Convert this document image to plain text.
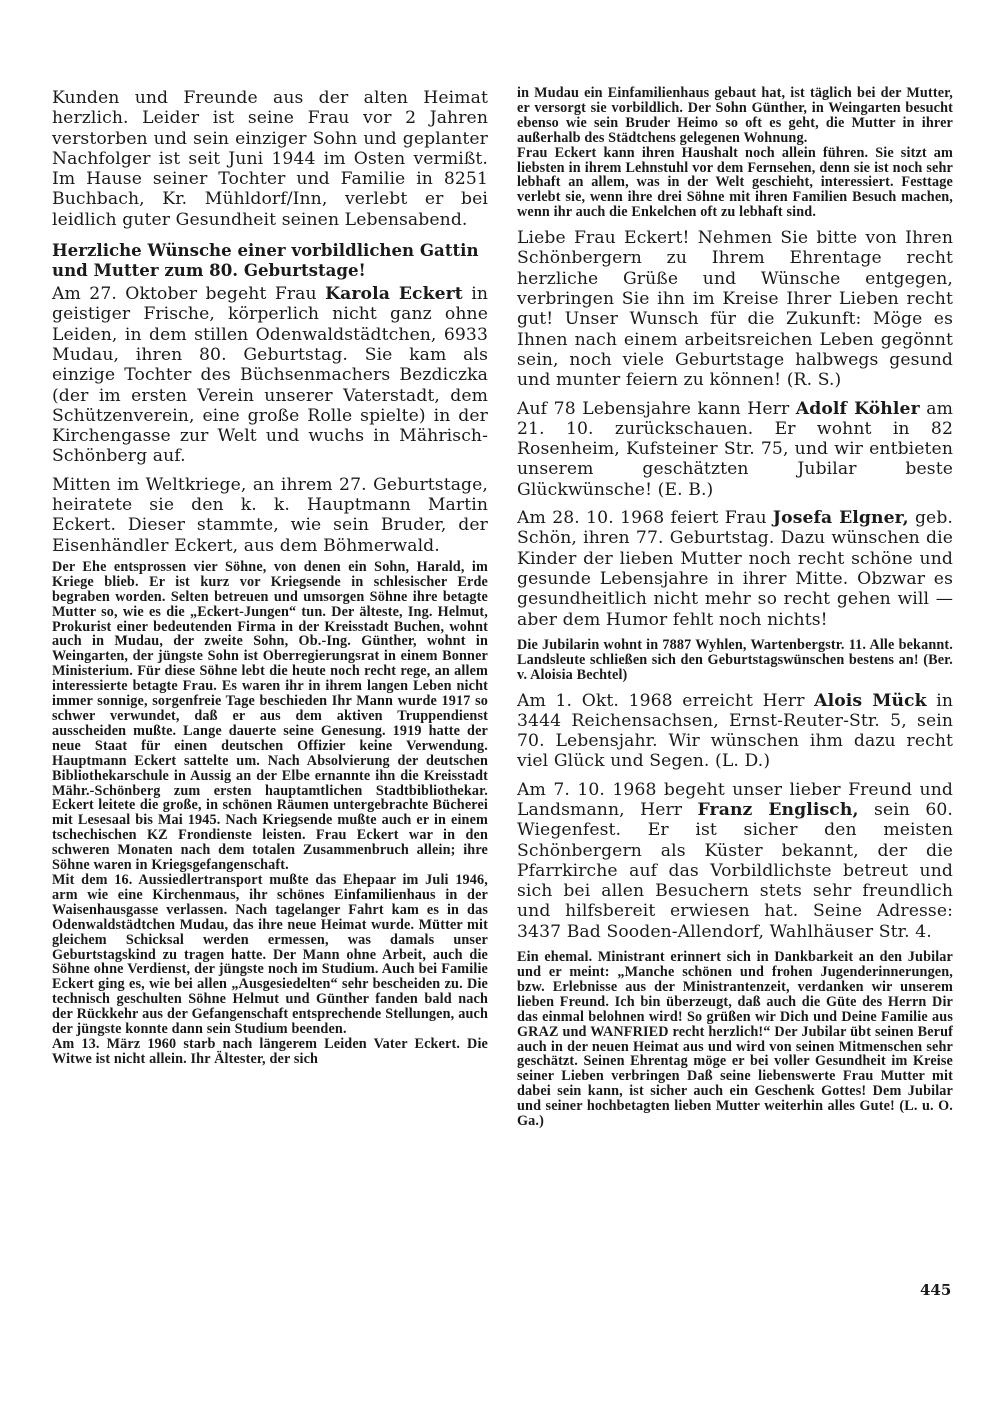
Kunden und Freunde aus der alten Heimat herzlich. Leider ist seine Frau vor 2 Jahren verstorben und sein einziger Sohn und geplanter Nachfolger ist seit Juni 1944 im Osten vermißt. Im Hause seiner Tochter und Familie in 8251 Buchbach, Kr. Mühldorf/Inn, verlebt er bei leidlich guter Gesundheit seinen Lebensabend.

Herzliche Wünsche einer vorbildlichen Gattin und Mutter zum 80. Geburtstage!

Am 27. Oktober begeht Frau Karola Eckert in geistiger Frische, körperlich nicht ganz ohne Leiden, in dem stillen Odenwaldstädtchen, 6933 Mudau, ihren 80. Geburtstag. Sie kam als einzige Tochter des Büchsenmachers Bezdiczka (der im ersten Verein unserer Vaterstadt, dem Schützenverein, eine große Rolle spielte) in der Kirchengasse zur Welt und wuchs in Mährisch-Schönberg auf.

Mitten im Weltkriege, an ihrem 27. Geburtstage, heiratete sie den k. k. Hauptmann Martin Eckert. Dieser stammte, wie sein Bruder, der Eisenhändler Eckert, aus dem Böhmerwald.

Der Ehe entsprossen vier Söhne, von denen ein Sohn, Harald, im Kriege blieb. Er ist kurz vor Kriegsende in schlesischer Erde begraben worden. Selten betreuen und umsorgen Söhne ihre betagte Mutter so, wie es die „Eckert-Jungen“ tun. Der älteste, Ing. Helmut, Prokurist einer bedeutenden Firma in der Kreisstadt Buchen, wohnt auch in Mudau, der zweite Sohn, Ob.-Ing. Günther, wohnt in Weingarten, der jüngste Sohn ist Oberregierungsrat in einem Bonner Ministerium. Für diese Söhne lebt die heute noch recht rege, an allem interessierte betagte Frau. Es waren ihr in ihrem langen Leben nicht immer sonnige, sorgenfreie Tage beschieden Ihr Mann wurde 1917 so schwer verwundet, daß er aus dem aktiven Truppendienst ausscheiden mußte. Lange dauerte seine Genesung. 1919 hatte der neue Staat für einen deutschen Offizier keine Verwendung. Hauptmann Eckert sattelte um. Nach Absolvierung der deutschen Bibliothekarschule in Aussig an der Elbe ernannte ihn die Kreisstadt Mähr.-Schönberg zum ersten hauptamtlichen Stadtbibliothekar. Eckert leitete die große, in schönen Räumen untergebrachte Bücherei mit Lesesaal bis Mai 1945. Nach Kriegsende mußte auch er in einem tschechischen KZ Frondienste leisten. Frau Eckert war in den schweren Monaten nach dem totalen Zusammenbruch allein; ihre Söhne waren in Kriegsgefangenschaft.

Mit dem 16. Aussiedlertransport mußte das Ehepaar im Juli 1946, arm wie eine Kirchenmaus, ihr schönes Einfamilienhaus in der Waisenhausgasse verlassen. Nach tagelanger Fahrt kam es in das Odenwaldstädtchen Mudau, das ihre neue Heimat wurde. Mütter mit gleichem Schicksal werden ermessen, was damals unser Geburtstagskind zu tragen hatte. Der Mann ohne Arbeit, auch die Söhne ohne Verdienst, der jüngste noch im Studium. Auch bei Familie Eckert ging es, wie bei allen „Ausgesiedelten“ sehr bescheiden zu. Die technisch geschulten Söhne Helmut und Günther fanden bald nach der Rückkehr aus der Gefangenschaft entsprechende Stellungen, auch der jüngste konnte dann sein Studium beenden.

Am 13. März 1960 starb nach längerem Leiden Vater Eckert. Die Witwe ist nicht allein. Ihr Ältester, der sich

in Mudau ein Einfamilienhaus gebaut hat, ist täglich bei der Mutter, er versorgt sie vorbildlich. Der Sohn Günther, in Weingarten besucht ebenso wie sein Bruder Heimo so oft es geht, die Mutter in ihrer außerhalb des Städtchens gelegenen Wohnung.

Frau Eckert kann ihren Haushalt noch allein führen. Sie sitzt am liebsten in ihrem Lehnstuhl vor dem Fernsehen, denn sie ist noch sehr lebhaft an allem, was in der Welt geschieht, interessiert. Festtage verlebt sie, wenn ihre drei Söhne mit ihren Familien Besuch machen, wenn ihr auch die Enkelchen oft zu lebhaft sind.

Liebe Frau Eckert! Nehmen Sie bitte von Ihren Schönbergern zu Ihrem Ehrentage recht herzliche Grüße und Wünsche entgegen, verbringen Sie ihn im Kreise Ihrer Lieben recht gut! Unser Wunsch für die Zukunft: Möge es Ihnen nach einem arbeitsreichen Leben gegönnt sein, noch viele Geburtstage halbwegs gesund und munter feiern zu können! (R. S.)

Auf 78 Lebensjahre kann Herr Adolf Köhler am 21. 10. zurückschauen. Er wohnt in 82 Rosenheim, Kufsteiner Str. 75, und wir entbieten unserem geschätzten Jubilar beste Glückwünsche! (E. B.)

Am 28. 10. 1968 feiert Frau Josefa Elgner, geb. Schön, ihren 77. Geburtstag. Dazu wünschen die Kinder der lieben Mutter noch recht schöne und gesunde Lebensjahre in ihrer Mitte. Obzwar es gesundheitlich nicht mehr so recht gehen will — aber dem Humor fehlt noch nichts!

Die Jubilarin wohnt in 7887 Wyhlen, Wartenbergstr. 11. Alle bekannt. Landsleute schließen sich den Geburtstagswünschen bestens an! (Ber. v. Aloisia Bechtel)

Am 1. Okt. 1968 erreicht Herr Alois Mück in 3444 Reichensachsen, Ernst-Reuter-Str. 5, sein 70. Lebensjahr. Wir wünschen ihm dazu recht viel Glück und Segen. (L. D.)

Am 7. 10. 1968 begeht unser lieber Freund und Landsmann, Herr Franz Englisch, sein 60. Wiegenfest. Er ist sicher den meisten Schönbergern als Küster bekannt, der die Pfarrkirche auf das Vorbildlichste betreut und sich bei allen Besuchern stets sehr freundlich und hilfsbereit erwiesen hat. Seine Adresse: 3437 Bad Sooden-Allendorf, Wahlhäuser Str. 4.

Ein ehemal. Ministrant erinnert sich in Dankbarkeit an den Jubilar und er meint: „Manche schönen und frohen Jugenderinnerungen, bzw. Erlebnisse aus der Ministrantenzeit, verdanken wir unserem lieben Freund. Ich bin überzeugt, daß auch die Güte des Herrn Dir das einmal belohnen wird! So grüßen wir Dich und Deine Familie aus GRAZ und WANFRIED recht herzlich!“ Der Jubilar übt seinen Beruf auch in der neuen Heimat aus und wird von seinen Mitmenschen sehr geschätzt. Seinen Ehrentag möge er bei voller Gesundheit im Kreise seiner Lieben verbringen Daß seine liebenswerte Frau Mutter mit dabei sein kann, ist sicher auch ein Geschenk Gottes! Dem Jubilar und seiner hochbetagten lieben Mutter weiterhin alles Gute! (L. u. O. Ga.)

445
